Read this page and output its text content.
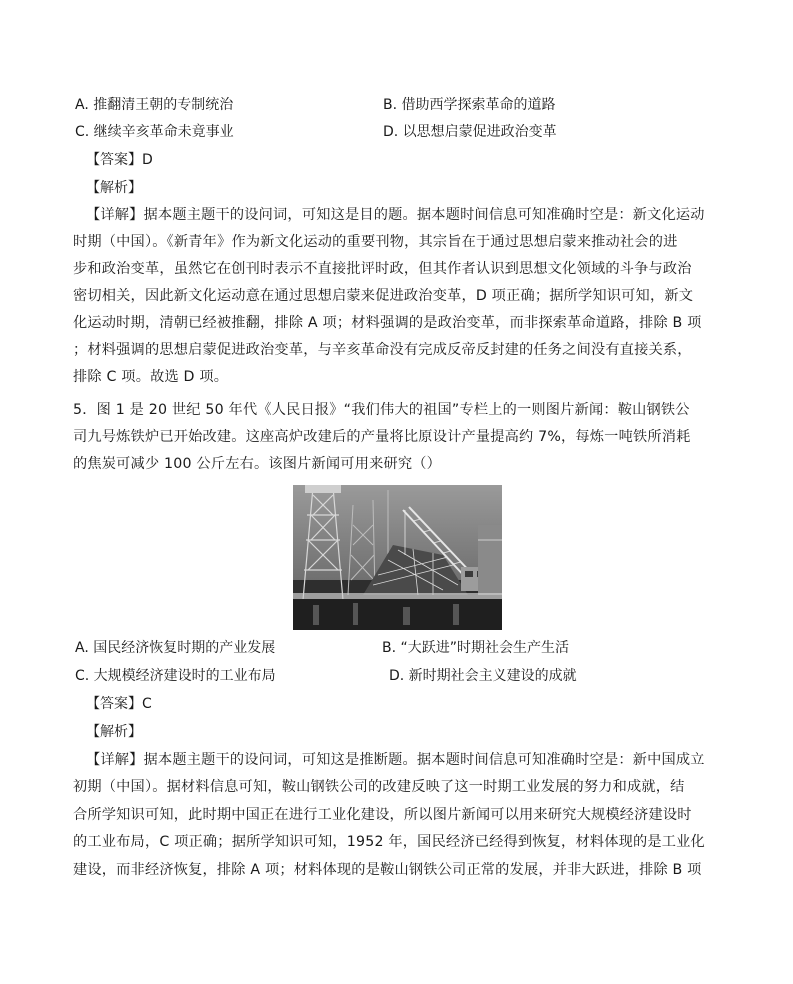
A. 推翻清王朝的专制统治	B. 借助西学探索革命的道路
C. 继续辛亥革命未竟事业	D. 以思想启蒙促进政治变革
【答案】D
【解析】
【详解】据本题主题干的设问词，可知这是目的题。据本题时间信息可知准确时空是：新文化运动
时期（中国）。《新青年》作为新文化运动的重要刊物，其宗旨在于通过思想启蒙来推动社会的进
步和政治变革，虽然它在创刊时表示不直接批评时政，但其作者认识到思想文化领域的斗争与政治
密切相关，因此新文化运动意在通过思想启蒙来促进政治变革，D 项正确；据所学知识可知，新文
化运动时期，清朝已经被推翻，排除 A 项；材料强调的是政治变革，而非探索革命道路，排除 B 项
；材料强调的思想启蒙促进政治变革，与辛亥革命没有完成反帝反封建的任务之间没有直接关系，
排除 C 项。故选 D 项。
5．图 1 是 20 世纪 50 年代《人民日报》“我们伟大的祖国”专栏上的一则图片新闻：鞍山钢铁公
司九号炼铁炉已开始改建。这座高炉改建后的产量将比原设计产量提高约 7%，每炼一吨铁所消耗
的焦炭可减少 100 公斤左右。该图片新闻可用来研究（）
A. 国民经济恢复时期的产业发展	B. “大跃进”时期社会生产生活
C. 大规模经济建设时的工业布局	D. 新时期社会主义建设的成就
【答案】C
【解析】
【详解】据本题主题干的设问词，可知这是推断题。据本题时间信息可知准确时空是：新中国成立
初期（中国）。据材料信息可知，鞍山钢铁公司的改建反映了这一时期工业发展的努力和成就，结
合所学知识可知，此时期中国正在进行工业化建设，所以图片新闻可以用来研究大规模经济建设时
的工业布局，C 项正确；据所学知识可知，1952 年，国民经济已经得到恢复，材料体现的是工业化
建设，而非经济恢复，排除 A 项；材料体现的是鞍山钢铁公司正常的发展，并非大跃进，排除 B 项
